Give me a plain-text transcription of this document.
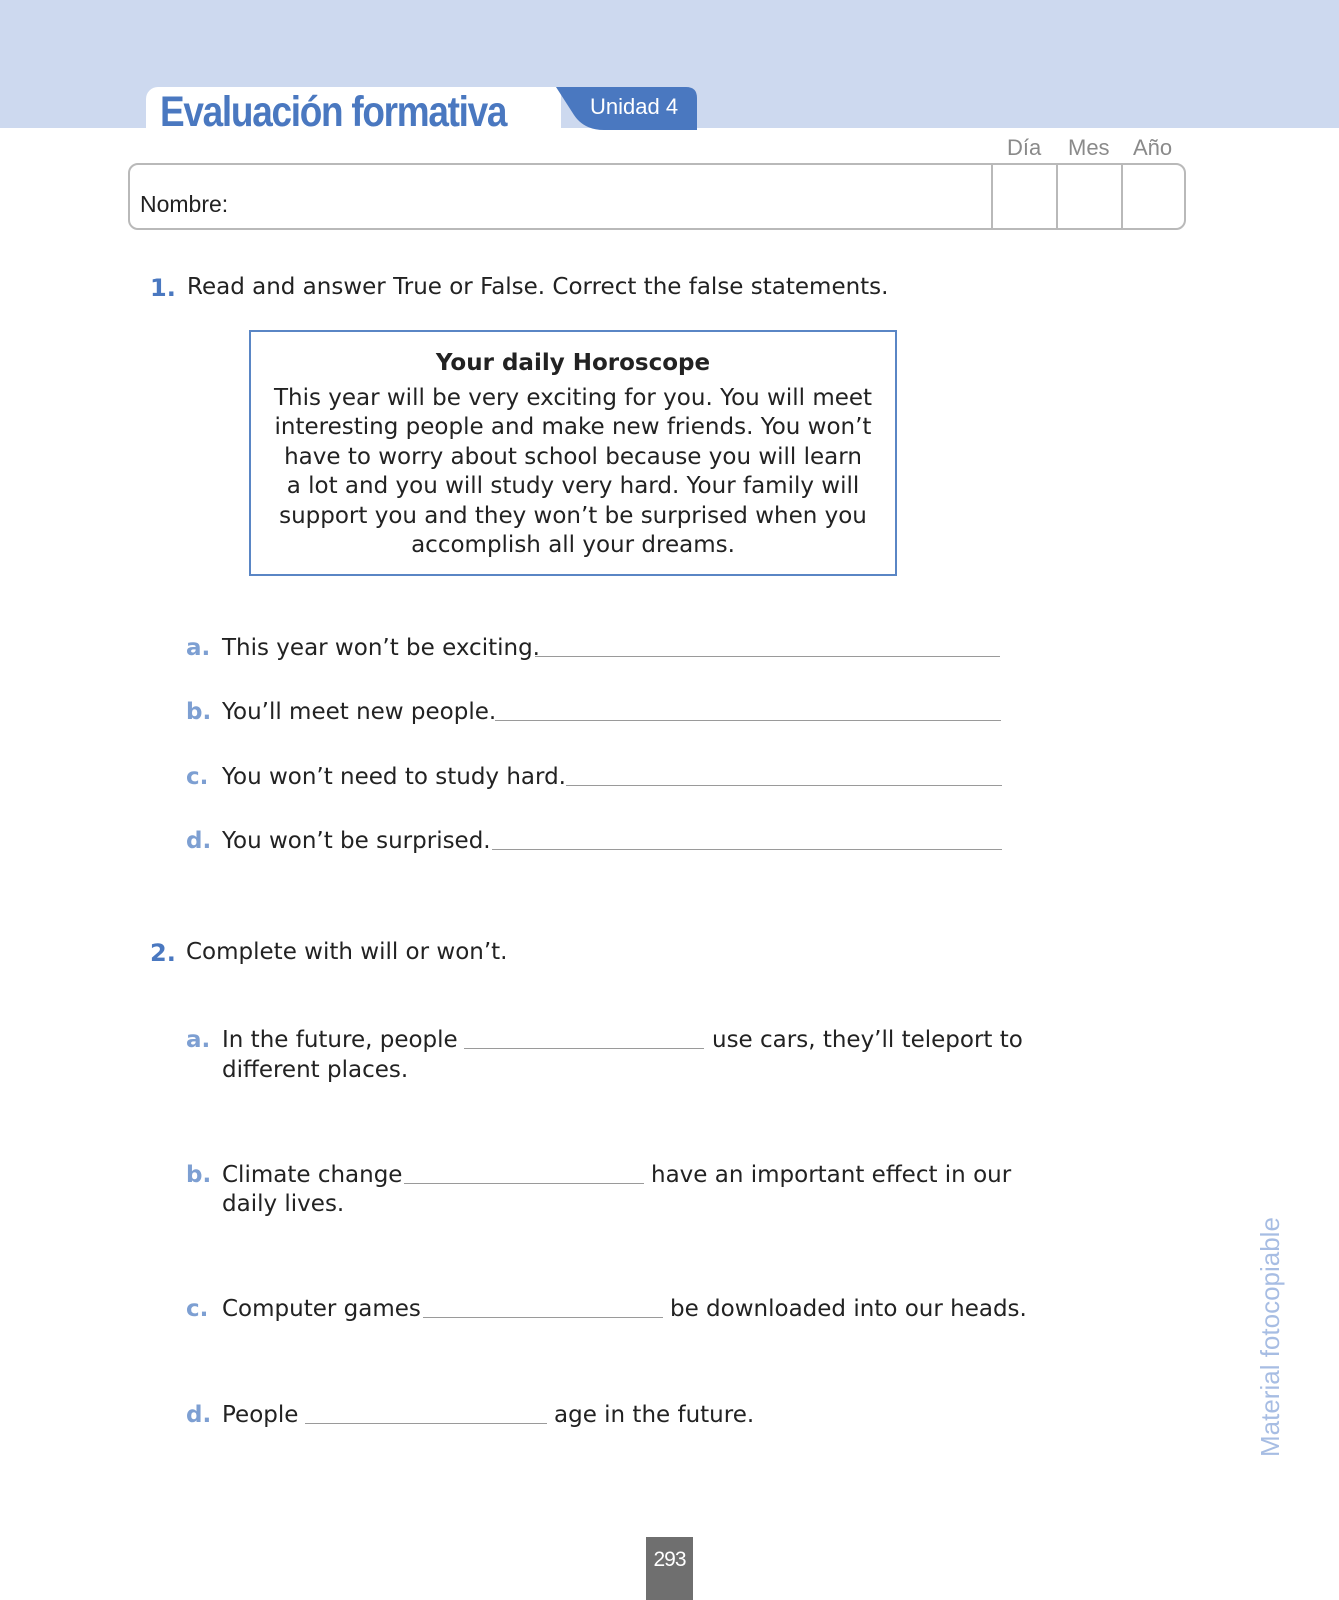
Evaluación formativa	Unidad 4
Día Mes Año
Nombre:
1. Read and answer True or False. Correct the false statements.
Your daily Horoscope
This year will be very exciting for you. You will meet
interesting people and make new friends. You won’t
have to worry about school because you will learn
a lot and you will study very hard. Your family will
support you and they won’t be surprised when you
accomplish all your dreams.
a. This year won’t be exciting.
b. You’ll meet new people.
c. You won’t need to study hard.
d. You won’t be surprised.
2. Complete with will or won’t.
a. In the future, people	use cars, they’ll teleport to
different places.
b. Climate change	have an important effect in our
daily lives.
c. Computer games	be downloaded into our heads.
d. People	age in the future.	Material fotocopiable
293
